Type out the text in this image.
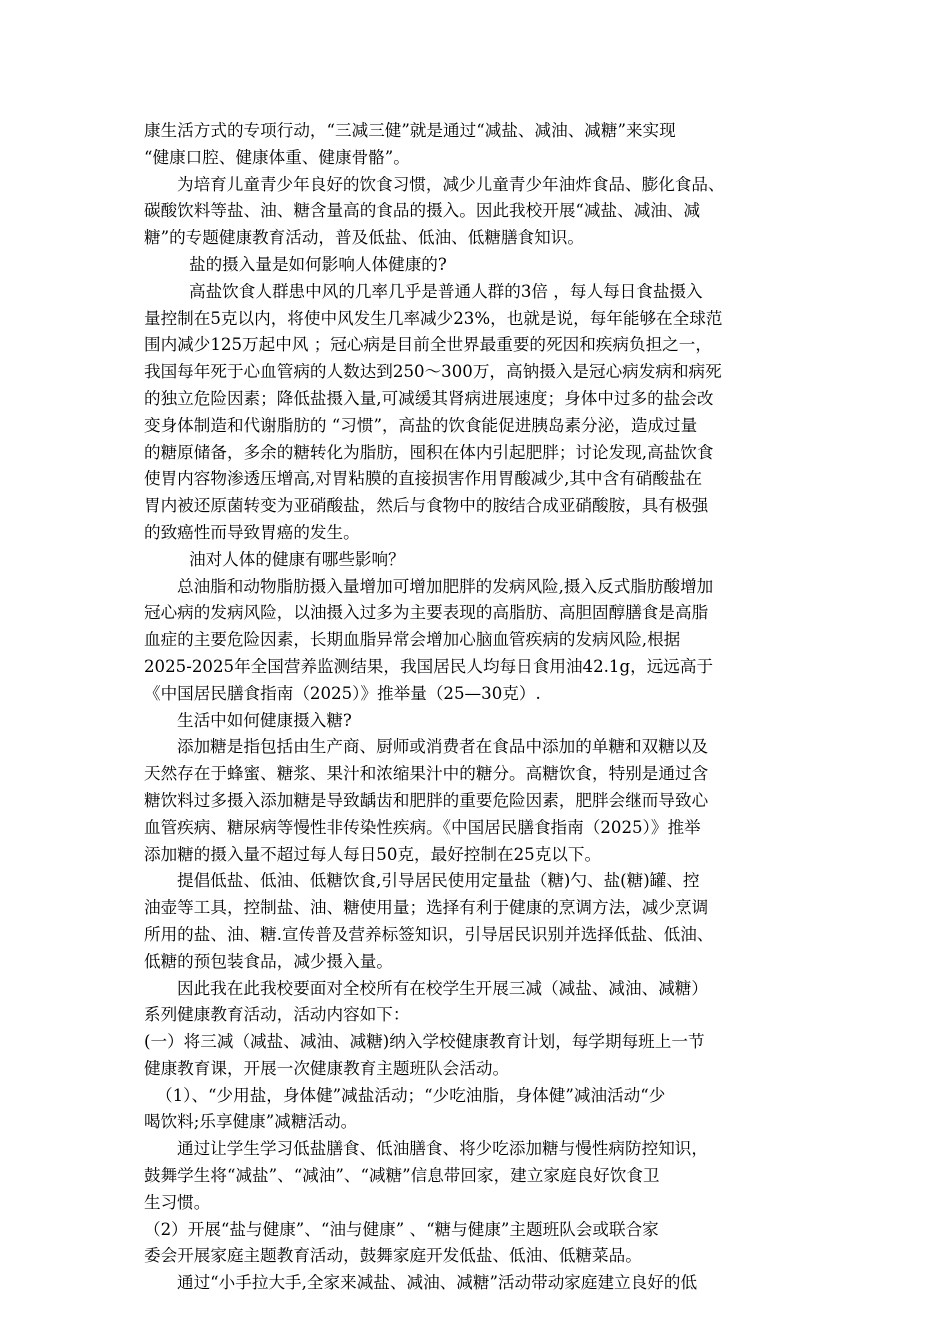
康生活方式的专项行动，“三减三健”就是通过“减盐、减油、减糖”来实现
“健康口腔、健康体重、健康骨骼”。
为培育儿童青少年良好的饮食习惯，减少儿童青少年油炸食品、膨化食品、
碳酸饮料等盐、油、糖含量高的食品的摄入。因此我校开展“减盐、减油、减
糖”的专题健康教育活动，普及低盐、低油、低糖膳食知识。
盐的摄入量是如何影响人体健康的?
高盐饮食人群患中风的几率几乎是普通人群的3倍 ，每人每日食盐摄入
量控制在5克以内，将使中风发生几率减少23%，也就是说，每年能够在全球范
围内减少125万起中风 ；冠心病是目前全世界最重要的死因和疾病负担之一，
我国每年死于心血管病的人数达到250～300万，高钠摄入是冠心病发病和病死
的独立危险因素；降低盐摄入量,可减缓其肾病进展速度；身体中过多的盐会改
变身体制造和代谢脂肪的 “习惯”，高盐的饮食能促进胰岛素分泌，造成过量
的糖原储备，多余的糖转化为脂肪，囤积在体内引起肥胖；讨论发现,高盐饮食
使胃内容物渗透压增高,对胃粘膜的直接损害作用胃酸减少,其中含有硝酸盐在
胃内被还原菌转变为亚硝酸盐，然后与食物中的胺结合成亚硝酸胺，具有极强
的致癌性而导致胃癌的发生。
油对人体的健康有哪些影响？
总油脂和动物脂肪摄入量增加可增加肥胖的发病风险,摄入反式脂肪酸增加
冠心病的发病风险，以油摄入过多为主要表现的高脂肪、高胆固醇膳食是高脂
血症的主要危险因素，长期血脂异常会增加心脑血管疾病的发病风险,根据
2025-2025年全国营养监测结果，我国居民人均每日食用油42.1g，远远高于
《中国居民膳食指南（2025）》推举量（25—30克）.
生活中如何健康摄入糖?
添加糖是指包括由生产商、厨师或消费者在食品中添加的单糖和双糖以及
天然存在于蜂蜜、糖浆、果汁和浓缩果汁中的糖分。高糖饮食，特别是通过含
糖饮料过多摄入添加糖是导致龋齿和肥胖的重要危险因素，肥胖会继而导致心
血管疾病、糖尿病等慢性非传染性疾病。《中国居民膳食指南（2025）》推举
添加糖的摄入量不超过每人每日50克，最好控制在25克以下。
提倡低盐、低油、低糖饮食,引导居民使用定量盐（糖)勺、盐(糖)罐、控
油壶等工具，控制盐、油、糖使用量；选择有利于健康的烹调方法，减少烹调
所用的盐、油、糖.宣传普及营养标签知识，引导居民识别并选择低盐、低油、
低糖的预包装食品，减少摄入量。
因此我在此我校要面对全校所有在校学生开展三减（减盐、减油、减糖）
系列健康教育活动，活动内容如下：
(一）将三减（减盐、减油、减糖)纳入学校健康教育计划，每学期每班上一节
健康教育课，开展一次健康教育主题班队会活动。
（1）、“少用盐，身体健”减盐活动；“少吃油脂，身体健”减油活动“少
喝饮料;乐享健康”减糖活动。
通过让学生学习低盐膳食、低油膳食、将少吃添加糖与慢性病防控知识，
鼓舞学生将“减盐”、“减油”、“减糖”信息带回家，建立家庭良好饮食卫
生习惯。
（2）开展“盐与健康”、“油与健康” 、“糖与健康”主题班队会或联合家
委会开展家庭主题教育活动，鼓舞家庭开发低盐、低油、低糖菜品。
通过“小手拉大手,全家来减盐、减油、减糖”活动带动家庭建立良好的低
